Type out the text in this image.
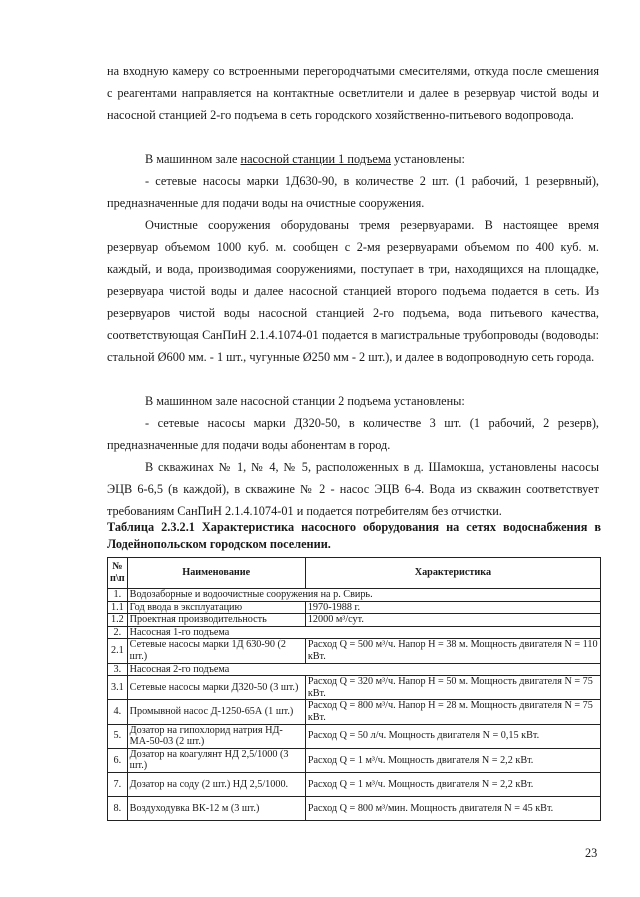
на входную камеру со встроенными перегородчатыми смесителями, откуда после смешения с реагентами направляется на контактные осветлители и далее в резервуар чистой воды и насосной станцией 2-го подъема в сеть городского хозяйственно-питьевого водопровода.

В машинном зале насосной станции 1 подъема установлены:

- сетевые насосы марки 1Д630-90, в количестве 2 шт. (1 рабочий, 1 резервный), предназначенные для подачи воды на очистные сооружения.

Очистные сооружения оборудованы тремя резервуарами. В настоящее время резервуар объемом 1000 куб. м. сообщен с 2-мя резервуарами объемом по 400 куб. м. каждый, и вода, производимая сооружениями, поступает в три, находящихся на площадке, резервуара чистой воды и далее насосной станцией второго подъема подается в сеть. Из резервуаров чистой воды насосной станцией 2-го подъема, вода питьевого качества, соответствующая СанПиН 2.1.4.1074-01 подается в магистральные трубопроводы (водоводы: стальной Ø600 мм. - 1 шт., чугунные Ø250 мм - 2 шт.), и далее в водопроводную сеть города.

В машинном зале насосной станции 2 подъема установлены:

- сетевые насосы марки Д320-50, в количестве 3 шт. (1 рабочий, 2 резерв), предназначенные для подачи воды абонентам в город.

В скважинах № 1, № 4, № 5, расположенных в д. Шамокша, установлены насосы ЭЦВ 6-6,5 (в каждой), в скважине № 2 - насос ЭЦВ 6-4. Вода из скважин соответствует требованиям СанПиН 2.1.4.1074-01 и подается потребителям без отчистки.

Таблица 2.3.2.1 Характеристика насосного оборудования на сетях водоснабжения в Лодейнопольском городском поселении.

№ п\п	Наименование	Характеристика
1.	Водозаборные и водоочистные сооружения на р. Свирь.	
1.1	Год ввода в эксплуатацию	1970-1988 г.
1.2	Проектная производительность	12000 м³/сут.
2.	Насосная 1-го подъема	
2.1	Сетевые насосы марки 1Д 630-90 (2 шт.)	Расход Q = 500 м³/ч. Напор Н = 38 м. Мощность двигателя N = 110 кВт.
3.	Насосная 2-го подъема	
3.1	Сетевые насосы марки Д320-50 (3 шт.)	Расход Q = 320 м³/ч. Напор Н = 50 м. Мощность двигателя N = 75 кВт.
4.	Промывной насос Д-1250-65А (1 шт.)	Расход Q = 800 м³/ч. Напор Н = 28 м. Мощность двигателя N = 75 кВт.
5.	Дозатор на гипохлорид натрия НД-МА-50-03 (2 шт.)	Расход Q = 50 л/ч. Мощность двигателя N = 0,15 кВт.
6.	Дозатор на коагулянт НД 2,5/1000 (3 шт.)	Расход Q = 1 м³/ч. Мощность двигателя N = 2,2 кВт.
7.	Дозатор на соду (2 шт.) НД 2,5/1000.	Расход Q = 1 м³/ч. Мощность двигателя N = 2,2 кВт.
8.	Воздуходувка ВК-12 м (3 шт.)	Расход Q = 800 м³/мин. Мощность двигателя N = 45 кВт.
23
